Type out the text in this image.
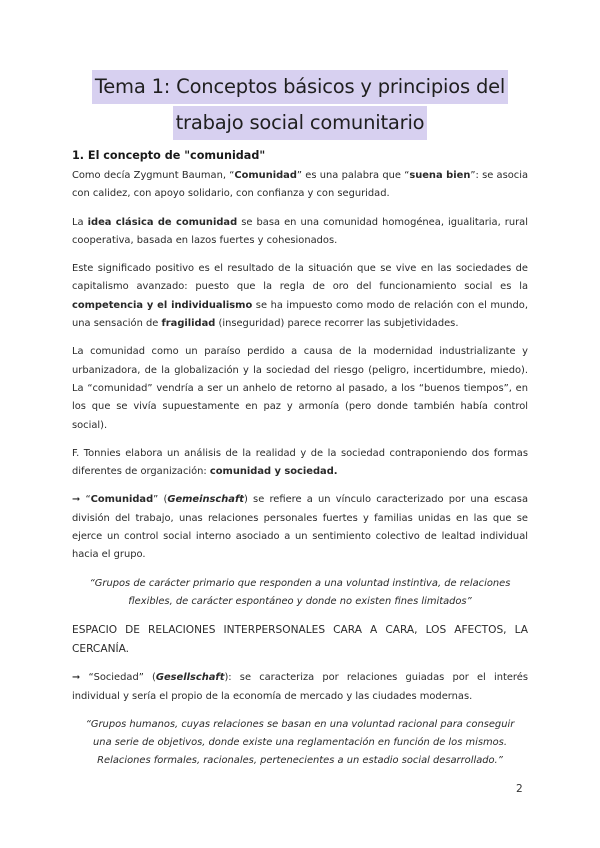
Tema 1: Conceptos básicos y principios del
trabajo social comunitario
1. El concepto de "comunidad"

Como decía Zygmunt Bauman, “Comunidad” es una palabra que “suena bien”: se asocia con calidez, con apoyo solidario, con confianza y con seguridad.

La idea clásica de comunidad se basa en una comunidad homogénea, igualitaria, rural cooperativa, basada en lazos fuertes y cohesionados.

Este significado positivo es el resultado de la situación que se vive en las sociedades de capitalismo avanzado: puesto que la regla de oro del funcionamiento social es la competencia y el individualismo se ha impuesto como modo de relación con el mundo, una sensación de fragilidad (inseguridad) parece recorrer las subjetividades.

La comunidad como un paraíso perdido a causa de la modernidad industrializante y urbanizadora, de la globalización y la sociedad del riesgo (peligro, incertidumbre, miedo). La “comunidad” vendría a ser un anhelo de retorno al pasado, a los “buenos tiempos”, en los que se vivía supuestamente en paz y armonía (pero donde también había control social).

F. Tonnies elabora un análisis de la realidad y de la sociedad contraponiendo dos formas diferentes de organización: comunidad y sociedad.

➞ “Comunidad” (Gemeinschaft) se refiere a un vínculo caracterizado por una escasa división del trabajo, unas relaciones personales fuertes y familias unidas en las que se ejerce un control social interno asociado a un sentimiento colectivo de lealtad individual hacia el grupo.

“Grupos de carácter primario que responden a una voluntad instintiva, de relaciones flexibles, de carácter espontáneo y donde no existen fines limitados”

ESPACIO DE RELACIONES INTERPERSONALES CARA A CARA, LOS AFECTOS, LA CERCANÍA.

➞ “Sociedad” (Gesellschaft): se caracteriza por relaciones guiadas por el interés individual y sería el propio de la economía de mercado y las ciudades modernas.

“Grupos humanos, cuyas relaciones se basan en una voluntad racional para conseguir una serie de objetivos, donde existe una reglamentación en función de los mismos. Relaciones formales, racionales, pertenecientes a un estadio social desarrollado.”
2
